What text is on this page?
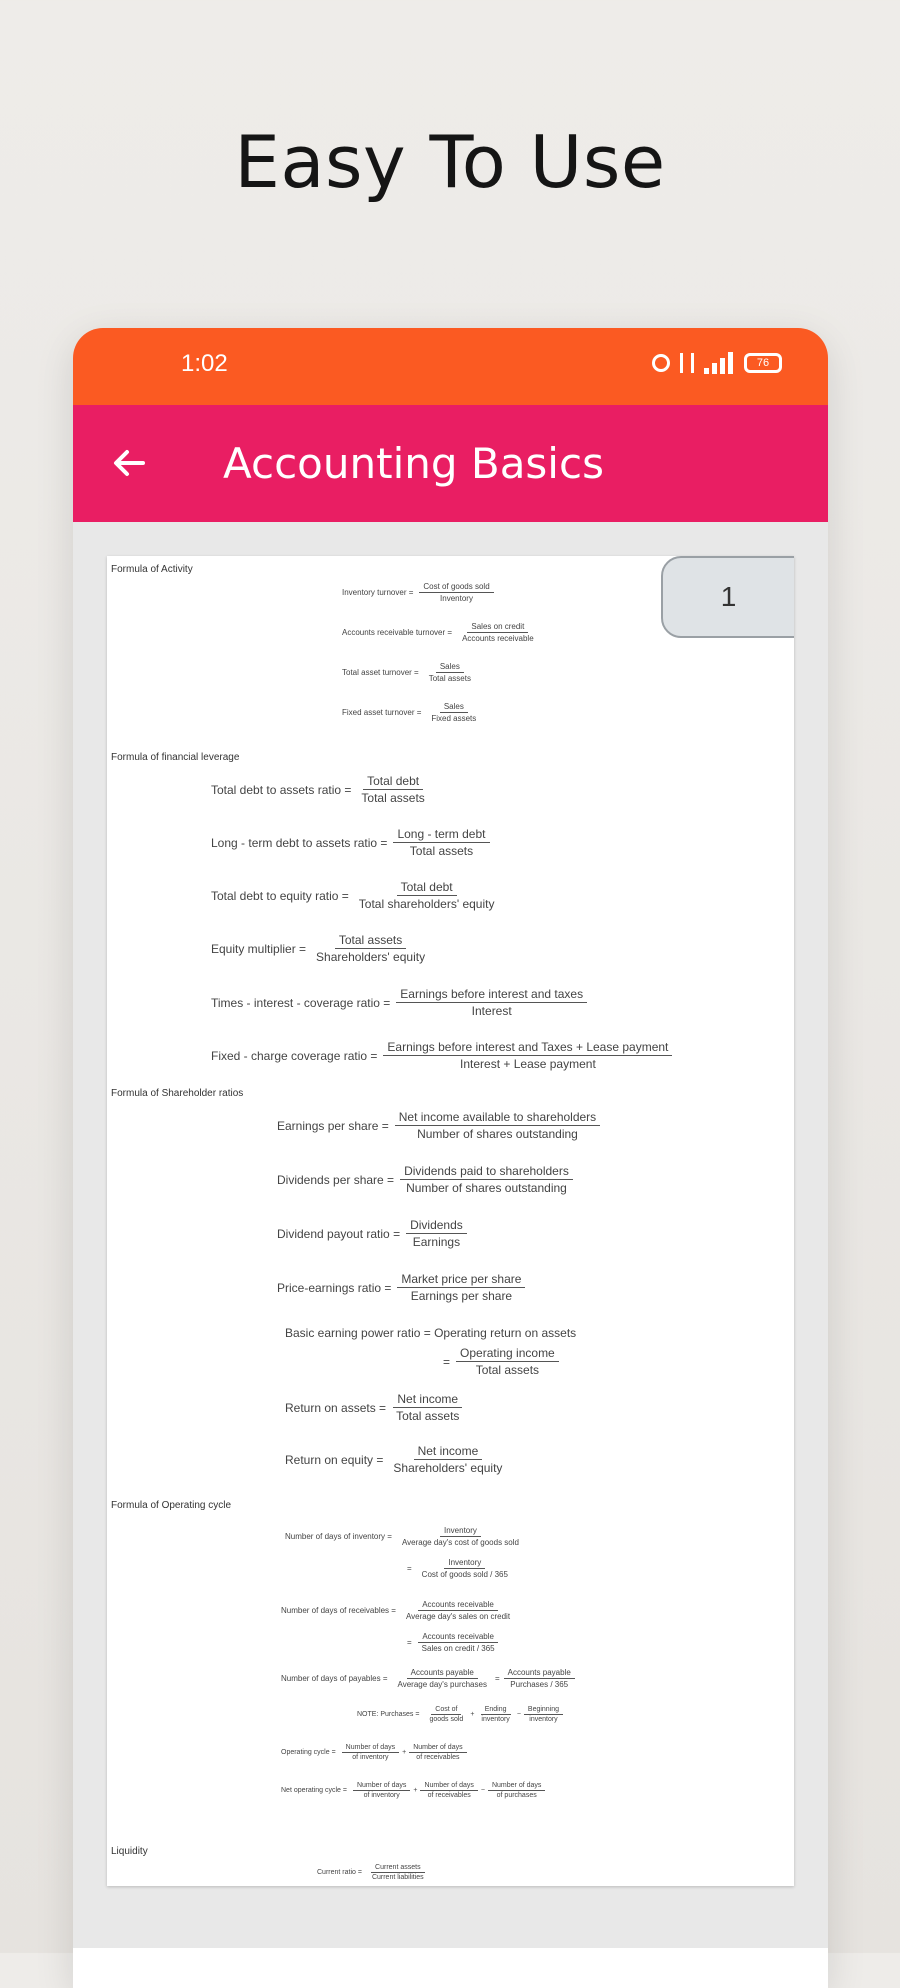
Easy To Use
1:02	76
Accounting Basics
1
Formula of Activity
Inventory turnover = $\frac{\text{Cost of goods sold}}{\text{Inventory}}$
Accounts receivable turnover = $\frac{\text{Sales on credit}}{\text{Accounts receivable}}$
Total asset turnover = $\frac{\text{Sales}}{\text{Total assets}}$
Fixed asset turnover = $\frac{\text{Sales}}{\text{Fixed assets}}$
Formula of financial leverage
Total debt to assets ratio = $\frac{\text{Total debt}}{\text{Total assets}}$
Long - term debt to assets ratio = $\frac{\text{Long - term debt}}{\text{Total assets}}$
Total debt to equity ratio = $\frac{\text{Total debt}}{\text{Total shareholders' equity}}$
Equity multiplier = $\frac{\text{Total assets}}{\text{Shareholders' equity}}$
Times - interest - coverage ratio = $\frac{\text{Earnings before interest and taxes}}{\text{Interest}}$
Fixed - charge coverage ratio = $\frac{\text{Earnings before interest and Taxes + Lease payment}}{\text{Interest + Lease payment}}$
Formula of Shareholder ratios
Earnings per share = $\frac{\text{Net income available to shareholders}}{\text{Number of shares outstanding}}$
Dividends per share = $\frac{\text{Dividends paid to shareholders}}{\text{Number of shares outstanding}}$
Dividend payout ratio = $\frac{\text{Dividends}}{\text{Earnings}}$
Price-earnings ratio = $\frac{\text{Market price per share}}{\text{Earnings per share}}$
Basic earning power ratio = Operating return on assets
= $\frac{\text{Operating income}}{\text{Total assets}}$
Return on assets = $\frac{\text{Net income}}{\text{Total assets}}$
Return on equity = $\frac{\text{Net income}}{\text{Shareholders' equity}}$
Formula of Operating cycle
Number of days of inventory = $\frac{\text{Inventory}}{\text{Average day's cost of goods sold}}$
= $\frac{\text{Inventory}}{\text{Cost of goods sold / 365}}$
Number of days of receivables = $\frac{\text{Accounts receivable}}{\text{Average day's sales on credit}}$
= $\frac{\text{Accounts receivable}}{\text{Sales on credit / 365}}$
Number of days of payables = $\frac{\text{Accounts payable}}{\text{Average day's purchases}} = \frac{\text{Accounts payable}}{\text{Purchases / 365}}$
NOTE: Purchases = $\frac{\text{Cost of}}{\text{goods sold}} + \frac{\text{Ending}}{\text{inventory}} - \frac{\text{Beginning}}{\text{inventory}}$
Operating cycle = $\frac{\text{Number of days}}{\text{of inventory}} + \frac{\text{Number of days}}{\text{of receivables}}$
Net operating cycle = $\frac{\text{Number of days}}{\text{of inventory}} + \frac{\text{Number of days}}{\text{of receivables}} - \frac{\text{Number of days}}{\text{of purchases}}$
Liquidity
Current ratio = $\frac{\text{Current assets}}{\text{Current liabilities}}$
